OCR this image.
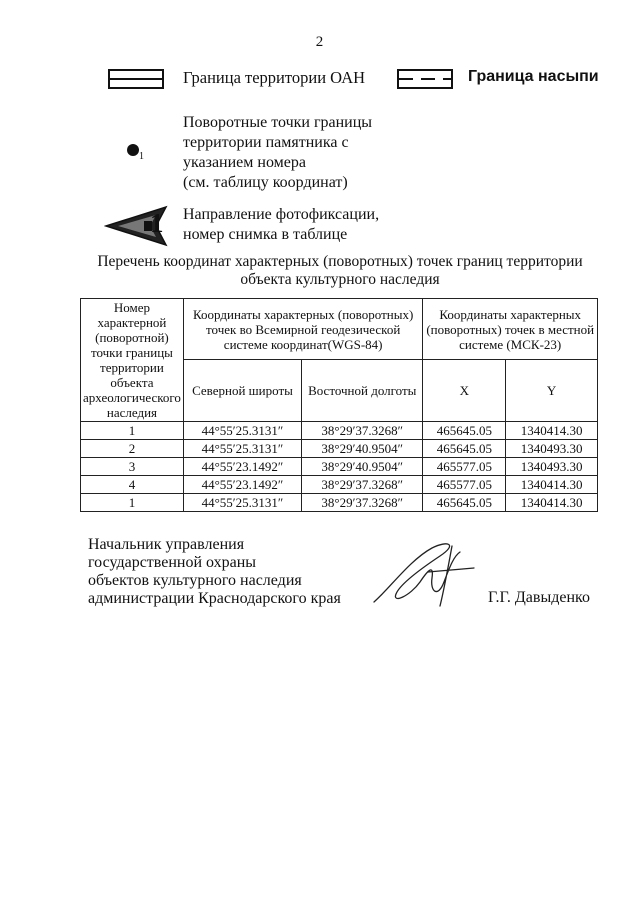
2
Граница территории ОАН	Граница насыпи
1
Поворотные точки границы
территории памятника с
указанием номера
(см. таблицу координат)
1 Направление фотофиксации,
номер снимка в таблице
Перечень координат характерных (поворотных) точек границ территории
объекта культурного наследия
Номер характерной (поворотной) точки границы территории объекта археологического наследия	Координаты характерных (поворотных) точек во Всемирной геодезической системе координат(WGS-84)		Координаты характерных (поворотных) точек в местной системе (МСК-23)	
	Северной широты	Восточной долготы	X	Y
1	44°55′25.3131″	38°29′37.3268″	465645.05	1340414.30
2	44°55′25.3131″	38°29′40.9504″	465645.05	1340493.30
3	44°55′23.1492″	38°29′40.9504″	465577.05	1340493.30
4	44°55′23.1492″	38°29′37.3268″	465577.05	1340414.30
1	44°55′25.3131″	38°29′37.3268″	465645.05	1340414.30
Начальник управления
государственной охраны
объектов культурного наследия
администрации Краснодарского края	Г.Г. Давыденко
